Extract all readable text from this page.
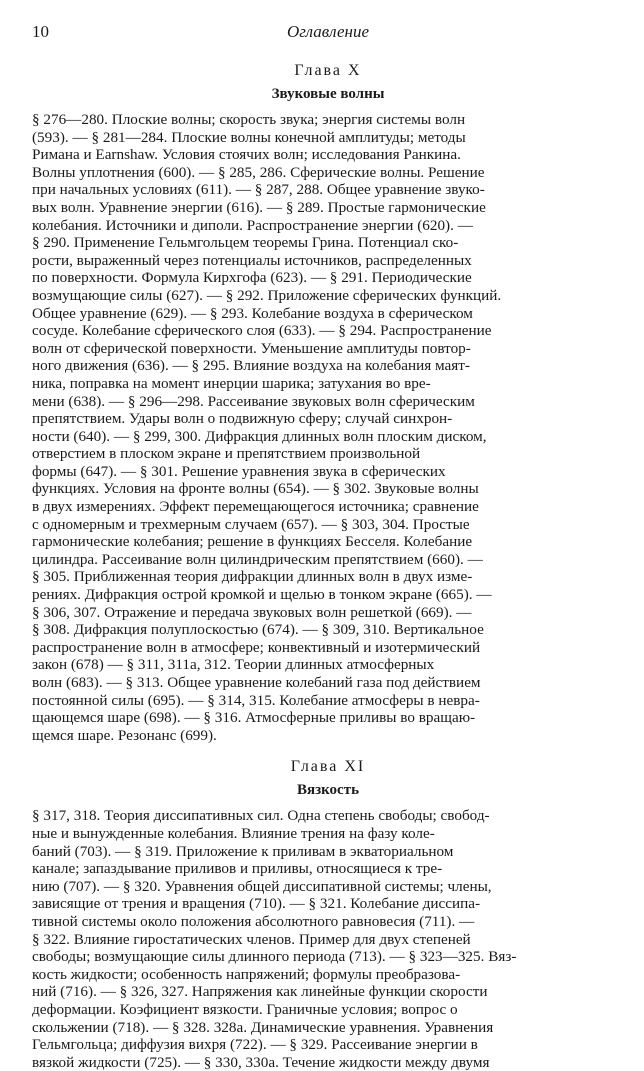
10	Оглавление
Глава X
Звуковые волны
§ 276—280. Плоские волны; скорость звука; энергия системы волн
(593). — § 281—284. Плоские волны конечной амплитуды; методы
Римана и Earnshaw. Условия стоячих волн; исследования Ранкина.
Волны уплотнения (600). — § 285, 286. Сферические волны. Решение
при начальных условиях (611). — § 287, 288. Общее уравнение звуко-
вых волн. Уравнение энергии (616). — § 289. Простые гармонические
колебания. Источники и диполи. Распространение энергии (620). —
§ 290. Применение Гельмгольцем теоремы Грина. Потенциал ско-
рости, выраженный через потенциалы источников, распределенных
по поверхности. Формула Кирхгофа (623). — § 291. Периодические
возмущающие силы (627). — § 292. Приложение сферических функций.
Общее уравнение (629). — § 293. Колебание воздуха в сферическом
сосуде. Колебание сферического слоя (633). — § 294. Распространение
волн от сферической поверхности. Уменьшение амплитуды повтор-
ного движения (636). — § 295. Влияние воздуха на колебания маят-
ника, поправка на момент инерции шарика; затухания во вре-
мени (638). — § 296—298. Рассеивание звуковых волн сферическим
препятствием. Удары волн о подвижную сферу; случай синхрон-
ности (640). — § 299, 300. Дифракция длинных волн плоским диском,
отверстием в плоском экране и препятствием произвольной
формы (647). — § 301. Решение уравнения звука в сферических
функциях. Условия на фронте волны (654). — § 302. Звуковые волны
в двух измерениях. Эффект перемещающегося источника; сравнение
с одномерным и трехмерным случаем (657). — § 303, 304. Простые
гармонические колебания; решение в функциях Бесселя. Колебание
цилиндра. Рассеивание волн цилиндрическим препятствием (660). —
§ 305. Приближенная теория дифракции длинных волн в двух изме-
рениях. Дифракция острой кромкой и щелью в тонком экране (665). —
§ 306, 307. Отражение и передача звуковых волн решеткой (669). —
§ 308. Дифракция полуплоскостью (674). — § 309, 310. Вертикальное
распространение волн в атмосфере; конвективный и изотермический
закон (678) — § 311, 311а, 312. Теории длинных атмосферных
волн (683). — § 313. Общее уравнение колебаний газа под действием
постоянной силы (695). — § 314, 315. Колебание атмосферы в невра-
щающемся шаре (698). — § 316. Атмосферные приливы во вращаю-
щемся шаре. Резонанс (699).
Глава XI
Вязкость
§ 317, 318. Теория диссипативных сил. Одна степень свободы; свобод-
ные и вынужденные колебания. Влияние трения на фазу коле-
баний (703). — § 319. Приложение к приливам в экваториальном
канале; запаздывание приливов и приливы, относящиеся к тре-
нию (707). — § 320. Уравнения общей диссипативной системы; члены,
зависящие от трения и вращения (710). — § 321. Колебание диссипа-
тивной системы около положения абсолютного равновесия (711). —
§ 322. Влияние гиростатических членов. Пример для двух степеней
свободы; возмущающие силы длинного периода (713). — § 323—325. Вяз-
кость жидкости; особенность напряжений; формулы преобразова-
ний (716). — § 326, 327. Напряжения как линейные функции скорости
деформации. Коэфициент вязкости. Граничные условия; вопрос о
скольжении (718). — § 328. 328а. Динамические уравнения. Уравнения
Гельмгольца; диффузия вихря (722). — § 329. Рассеивание энергии в
вязкой жидкости (725). — § 330, 330а. Течение жидкости между двумя
